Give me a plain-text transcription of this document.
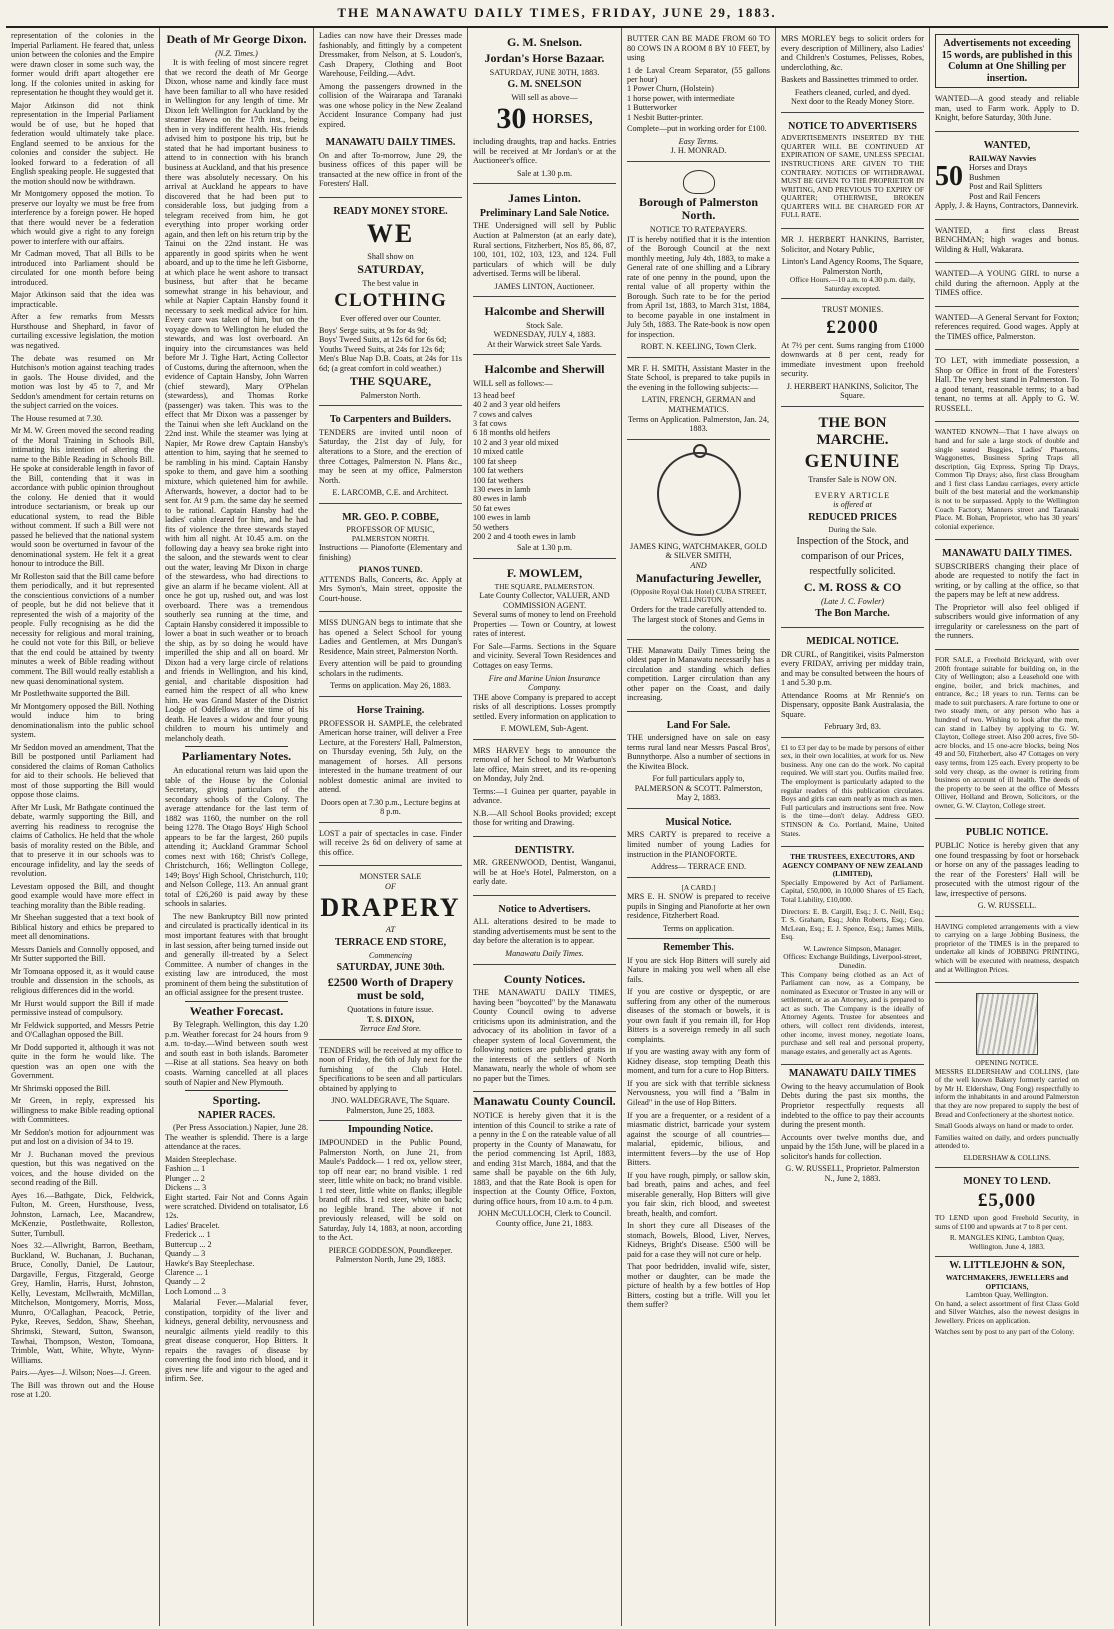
THE MANAWATU DAILY TIMES, FRIDAY, JUNE 29, 1883.

representation of the colonies in the Imperial Parliament. He feared that, unless union between the colonies and the Empire were drawn closer in some such way, the former would drift apart altogether ere long. If the colonies united in asking for representation he thought they would get it.

Major Atkinson did not think representation in the Imperial Parliament would be of use, but he hoped that federation would ultimately take place. England seemed to be anxious for the colonies and consider the subject. He looked forward to a federation of all English speaking people. He suggested that the motion should now be withdrawn.

Mr Montgomery opposed the motion. To preserve our loyalty we must be free from interference by a foreign power. He hoped that there would never be a federation which would give a right to any foreign power to interfere with our affairs.

Mr Cadman moved, That all Bills to be introduced into Parliament should be circulated for one month before being introduced.

Major Atkinson said that the idea was impracticable.

After a few remarks from Messrs Hursthouse and Shephard, in favor of curtailing excessive legislation, the motion was negatived.

The debate was resumed on Mr Hutchison's motion against teaching trades in gaols. The House divided, and the motion was lost by 45 to 7, and Mr Seddon's amendment for certain returns on the subject carried on the voices.

The House resumed at 7.30.

Mr M. W. Green moved the second reading of the Moral Training in Schools Bill, intimating his intention of altering the name to the Bible Reading in Schools Bill. He spoke at considerable length in favor of the Bill, contending that it was in accordance with public opinion throughout the colony. He denied that it would introduce sectarianism, or break up our educational system, to read the Bible without comment. If such a Bill were not passed he believed that the national system would soon be overturned in favour of the denominational system. He felt it a great honour to introduce the Bill.

Mr Rolleston said that the Bill came before them periodically, and it but represented the conscientious convictions of a number of people, but he did not believe that it represented the wish of a majority of the people. Fully recognising as he did the necessity for religious and moral training, he could not vote for this Bill, or believe that the end could be attained by twenty minutes a week of Bible reading without comment. The Bill would really establish a new quasi denominational system.

Mr Postlethwaite supported the Bill.

Mr Montgomery opposed the Bill. Nothing would induce him to bring denominationalism into the public school system.

Mr Seddon moved an amendment, That the Bill be postponed until Parliament had considered the claims of Roman Catholics for aid to their schools. He believed that most of those supporting the Bill would oppose those claims.

After Mr Lusk, Mr Bathgate continued the debate, warmly supporting the Bill, and averring his readiness to recognise the claims of Catholics. He held that the whole basis of morality rested on the Bible, and that to preserve it in our schools was to encourage infidelity, and lay the seeds of revolution.

Levestam opposed the Bill, and thought good example would have more effect in teaching morality than the Bible reading.

Mr Sheehan suggested that a text book of Biblical history and ethics be prepared to meet all denominations.

Messrs Daniels and Connolly opposed, and Mr Sutter supported the Bill.

Mr Tomoana opposed it, as it would cause trouble and dissension in the schools, as religious differences did in the world.

Mr Hurst would support the Bill if made permissive instead of compulsory.

Mr Feldwick supported, and Messrs Petrie and O'Callaghan opposed the Bill.

Mr Dodd supported it, although it was not quite in the form he would like. The question was an open one with the Government.

Mr Shrimski opposed the Bill.

Mr Green, in reply, expressed his willingness to make Bible reading optional with Committees.

Mr Seddon's motion for adjournment was put and lost on a division of 34 to 19.

Mr J. Buchanan moved the previous question, but this was negatived on the voices, and the house divided on the second reading of the Bill.

Ayes 16.—Bathgate, Dick, Feldwick, Fulton, M. Green, Hursthouse, Ivess, Johnston, Larnach, Lee, Macandrew, McKenzie, Postlethwaite, Rolleston, Sutter, Turnbull.

Noes 32.—Allwright, Barron, Beetham, Buckland, W. Buchanan, J. Buchanan, Bruce, Conolly, Daniel, De Lautour, Dargaville, Fergus, Fitzgerald, George Grey, Hamlin, Harris, Hurst, Johnston, Kelly, Levestam, McIlwraith, McMillan, Mitchelson, Montgomery, Morris, Moss, Munro, O'Callaghan, Peacock, Petrie, Pyke, Reeves, Seddon, Shaw, Sheehan, Shrimski, Steward, Sutton, Swanson, Tawhai, Thompson, Weston, Tomoana, Trimble, Watt, White, Whyte, Wynn-Williams.

Pairs.—Ayes—J. Wilson; Noes—J. Green.

The Bill was thrown out and the House rose at 1.20.

Death of Mr George Dixon.
(N.Z. Times.)

It is with feeling of most sincere regret that we record the death of Mr George Dixon, whose name and kindly face must have been familiar to all who have resided in Wellington for any length of time. Mr Dixon left Wellington for Auckland by the steamer Hawea on the 17th inst., being then in very indifferent health. His friends advised him to postpone his trip, but he stated that he had important business to attend to in connection with his branch business at Auckland, and that his presence there was absolutely necessary. On his arrival at Auckland he appears to have discovered that he had been put to considerable loss, but judging from a telegram received from him, he got everything into proper working order again, and then left on his return trip by the Tainui on the 22nd instant. He was apparently in good spirits when he went aboard, and up to the time he left Gisborne, at which place he went ashore to transact business, but after that he became somewhat strange in his behaviour, and while at Napier Captain Hansby found it necessary to seek medical advice for him. Every care was taken of him, but on the voyage down to Wellington he eluded the stewards, and was lost overboard. An inquiry into the circumstances was held before Mr J. Tighe Hart, Acting Collector of Customs, during the afternoon, when the evidence of Captain Hansby, John Warren (chief steward), Mary O'Phelan (stewardess), and Thomas Rorke (passenger) was taken. This was to the effect that Mr Dixon was a passenger by the Tainui when she left Auckland on the 22nd inst. While the steamer was lying at Napier, Mr Rowe drew Captain Hansby's attention to him, saying that he seemed to be rambling in his mind. Captain Hansby spoke to them, and gave him a soothing mixture, which quietened him for awhile. Afterwards, however, a doctor had to be sent for. At 9 p.m. the same day he seemed to be rational. Captain Hansby had the ladies' cabin cleared for him, and he had fits of violence the three stewards stayed with him all night. At 10.45 a.m. on the following day a heavy sea broke right into the saloon, and the stewards went to clear out the water, leaving Mr Dixon in charge of the stewardess, who had directions to give an alarm if he became violent. All at once he got up, rushed out, and was lost overboard. There was a tremendous southerly sea running at the time, and Captain Hansby considered it impossible to lower a boat in such weather or to broach the ship, as by so doing he would have imperilled the ship and all on board. Mr Dixon had a very large circle of relations and friends in Wellington, and his kind, genial, and charitable disposition had earned him the respect of all who knew him. He was Grand Master of the District Lodge of Oddfellows at the time of his death. He leaves a widow and four young children to mourn his untimely and melancholy death.

Parliamentary Notes.

An educational return was laid upon the table of the House by the Colonial Secretary, giving particulars of the secondary schools of the Colony. The average attendance for the last term of 1882 was 1160, the number on the roll being 1278. The Otago Boys' High School appears to be far the largest, 260 pupils attending it; Auckland Grammar School comes next with 168; Christ's College, Christchurch, 166; Wellington College, 149; Boys' High School, Christchurch, 110; and Nelson College, 113. An annual grant total of £26,260 is paid away by these schools in salaries.

The new Bankruptcy Bill now printed and circulated is practically identical in its most important features with that brought in last session, after being turned inside out and generally ill-treated by a Select Committee. A number of changes in the existing law are introduced, the most prominent of them being the substitution of an official assignee for the present trustee.

Weather Forecast.

By Telegraph. Wellington, this day 1.20 p.m. Weather forecast for 24 hours from 9 a.m. to-day.—Wind between south west and south east in both islands. Barometer—Rise at all stations. Sea heavy on both coasts. Warning cancelled at all places south of Napier and New Plymouth.

Sporting.
NAPIER RACES.

(Per Press Association.) Napier, June 28. The weather is splendid. There is a large attendance at the races.

Maiden Steeplechase.
Fashion ... 1
Plunger ... 2
Dickens ... 3
Eight started. Fair Not and Conns Again were scratched. Dividend on totalisator, L6 12s.
Ladies' Bracelet.
Frederick ... 1
Buttercup ... 2
Quandy ... 3
Hawke's Bay Steeplechase.
Clarence ... 1
Quandy ... 2
Loch Lomond ... 3

Malarial Fever.—Malarial fever, constipation, torpidity of the liver and kidneys, general debility, nervousness and neuralgic ailments yield readily to this great disease conqueror, Hop Bitters. It repairs the ravages of disease by converting the food into rich blood, and it gives new life and vigour to the aged and infirm. See.

Ladies can now have their Dresses made fashionably, and fittingly by a competent Dressmaker, from Nelson, at S. Loudon's, Cash Drapery, Clothing and Boot Warehouse, Feilding.—Advt.

Among the passengers drowned in the collision of the Wairarapa and Taranaki was one whose policy in the New Zealand Accident Insurance Company had just expired.

MANAWATU DAILY TIMES.

On and after To-morrow, June 29, the business offices of this paper will be transacted at the new office in front of the Foresters' Hall.

READY MONEY STORE.
WE
Shall show on
SATURDAY,
The best value in
CLOTHING
Ever offered over our Counter.
Boys' Serge suits, at 9s for 4s 9d;
Boys' Tweed Suits, at 12s 6d for 6s 6d;
Youths Tweed Suits, at 24s for 12s 6d;
Men's Blue Nap D.B. Coats, at 24s for 11s 6d; (a great comfort in cold weather.)
THE SQUARE,
Palmerston North.
To Carpenters and Builders.

TENDERS are invited until noon of Saturday, the 21st day of July, for alterations to a Store, and the erection of three Cottages, Palmerston N. Plans &c., may be seen at my office, Palmerston North.

E. LARCOMB, C.E. and Architect.
MR. GEO. P. COBBE,
PROFESSOR OF MUSIC,
PALMERSTON NORTH.

Instructions — Pianoforte (Elementary and finishing)

PIANOS TUNED.

ATTENDS Balls, Concerts, &c. Apply at Mrs Symon's, Main street, opposite the Court-house.

MISS DUNGAN begs to intimate that she has opened a Select School for young Ladies and Gentlemen, at Mrs Dungan's Residence, Main street, Palmerston North.

Every attention will be paid to grounding scholars in the rudiments.

Terms on application. May 26, 1883.
Horse Training.

PROFESSOR H. SAMPLE, the celebrated American horse trainer, will deliver a Free Lecture, at the Foresters' Hall, Palmerston, on Thursday evening, 5th July, on the management of horses. All persons interested in the humane treatment of our noblest domestic animal are invited to attend.

Doors open at 7.30 p.m., Lecture begins at 8 p.m.

LOST a pair of spectacles in case. Finder will receive 2s 6d on delivery of same at this office.

MONSTER SALE
OF
DRAPERY
AT
TERRACE END STORE,
Commencing
SATURDAY, JUNE 30th.
£2500 Worth of Drapery must be sold,
Quotations in future issue.
T. S. DIXON,
Terrace End Store.

TENDERS will be received at my office to noon of Friday, the 6th of July next for the furnishing of the Club Hotel. Specifications to be seen and all particulars obtained by applying to

JNO. WALDEGRAVE, The Square. Palmerston, June 25, 1883.
Impounding Notice.

IMPOUNDED in the Public Pound, Palmerston North, on June 21, from Maule's Paddock— 1 red ox, yellow steer, top off near ear; no brand visible. 1 red steer, little white on back; no brand visible. 1 red steer, little white on flanks; illegible brand off ribs. 1 red steer, white on back; no legible brand. The above if not previously released, will be sold on Saturday, July 14, 1883, at noon, according to the Act.

PIERCE GODDESON, Poundkeeper. Palmerston North, June 29, 1883.
G. M. Snelson.
Jordan's Horse Bazaar.
SATURDAY, JUNE 30TH, 1883.
G. M. SNELSON
Will sell as above—
30 HORSES,

including draughts, trap and hacks. Entries will be received at Mr Jordan's or at the Auctioneer's office.

Sale at 1.30 p.m.
James Linton.
Preliminary Land Sale Notice.

THE Undersigned will sell by Public Auction at Palmerston (at an early date), Rural sections, Fitzherbert, Nos 85, 86, 87, 100, 101, 102, 103, 123, and 124. Full particulars of which will be duly advertised. Terms will be liberal.

JAMES LINTON, Auctioneer.
Halcombe and Sherwill
Stock Sale.
WEDNESDAY, JULY 4, 1883.
At their Warwick street Sale Yards.
Halcombe and Sherwill
WILL sell as follows:—
13 head beef
40 2 and 3 year old heifers
7 cows and calves
3 fat cows
6 18 months old heifers
10 2 and 3 year old mixed
10 mixed cattle
100 fat sheep
100 fat wethers
100 fat wethers
130 ewes in lamb
80 ewes in lamb
50 fat ewes
100 ewes in lamb
50 wethers
200 2 and 4 tooth ewes in lamb
Sale at 1.30 p.m.
F. MOWLEM,
THE SQUARE, PALMERSTON.
Late County Collector, VALUER, AND COMMISSION AGENT.

Several sums of money to lend on Freehold Properties — Town or Country, at lowest rates of interest.

For Sale—Farms. Sections in the Square and vicinity. Several Town Residences and Cottages on easy Terms.

Fire and Marine Union Insurance Company.

THE above Company is prepared to accept risks of all descriptions. Losses promptly settled. Every information on application to

F. MOWLEM, Sub-Agent.

MRS HARVEY begs to announce the removal of her School to Mr Warburton's late office, Main street, and its re-opening on Monday, July 2nd.

Terms:—1 Guinea per quarter, payable in advance.

N.B.—All School Books provided; except those for writing and Drawing.

DENTISTRY.

MR. GREENWOOD, Dentist, Wanganui, will be at Hoe's Hotel, Palmerston, on a early date.

Notice to Advertisers.

ALL alterations desired to be made to standing advertisements must be sent to the day before the alteration is to appear.

Manawatu Daily Times.
County Notices.

THE MANAWATU DAILY TIMES, having been "boycotted" by the Manawatu County Council owing to adverse criticisms upon its administration, and the advocacy of its abolition in favor of a cheaper system of local Government, the following notices are published gratis in the interests of the settlers of North Manawatu, nearly the whole of whom see no paper but the Times.

Manawatu County Council.

NOTICE is hereby given that it is the intention of this Council to strike a rate of a penny in the £ on the rateable value of all property in the County of Manawatu, for the period commencing 1st April, 1883, and ending 31st March, 1884, and that the same shall be payable on the 6th July, 1883, and that the Rate Book is open for inspection at the County Office, Foxton, during office hours, from 10 a.m. to 4 p.m.

JOHN McCULLOCH, Clerk to Council. County office, June 21, 1883.

BUTTER CAN BE MADE FROM 60 TO 80 COWS IN A ROOM 8 BY 10 FEET, by using

1 de Laval Cream Separator, (55 gallons per hour)
1 Power Churn, (Holstein)
1 horse power, with intermediate
1 Butterworker
1 Nesbit Butter-printer.

Complete—put in working order for £100.

Easy Terms.
J. H. MONRAD.
Borough of Palmerston North.
NOTICE TO RATEPAYERS.

IT is hereby notified that it is the intention of the Borough Council at the next monthly meeting, July 4th, 1883, to make a General rate of one shilling and a Library rate of one penny in the pound, upon the rental value of all property within the Borough. Such rate to be for the period from April 1st, 1883, to March 31st, 1884, to become payable in one instalment in July 5th, 1883. The Rate-book is now open for inspection.

ROBT. N. KEELING, Town Clerk.

MR F. H. SMITH, Assistant Master in the State School, is prepared to take pupils in the evening in the following subjects:—

LATIN, FRENCH, GERMAN and MATHEMATICS.
Terms on Application. Palmerston, Jan. 24, 1883.
JAMES KING, WATCHMAKER, GOLD & SILVER SMITH,
AND
Manufacturing Jeweller,
(Opposite Royal Oak Hotel) CUBA STREET, WELLINGTON.
Orders for the trade carefully attended to.
The largest stock of Stones and Gems in the colony.

THE Manawatu Daily Times being the oldest paper in Manawatu necessarily has a circulation and standing which defies competition. Larger circulation than any other paper on the Coast, and daily increasing.

Land For Sale.

THE undersigned have on sale on easy terms rural land near Messrs Pascal Bros', Bunnythorpe. Also a number of sections in the Kiwitea Block.

For full particulars apply to,
PALMERSON & SCOTT. Palmerston, May 2, 1883.
Musical Notice.

MRS CARTY is prepared to receive a limited number of young Ladies for instruction in the PIANOFORTE.

Address— TERRACE END.
[A CARD.]

MRS E. H. SNOW is prepared to receive pupils in Singing and Pianoforte at her own residence, Fitzherbert Road.

Terms on application.
Remember This.

If you are sick Hop Bitters will surely aid Nature in making you well when all else fails.

If you are costive or dyspeptic, or are suffering from any other of the numerous diseases of the stomach or bowels, it is your own fault if you remain ill, for Hop Bitters is a sovereign remedy in all such complaints.

If you are wasting away with any form of Kidney disease, stop tempting Death this moment, and turn for a cure to Hop Bitters.

If you are sick with that terrible sickness Nervousness, you will find a "Balm in Gilead" in the use of Hop Bitters.

If you are a frequenter, or a resident of a miasmatic district, barricade your system against the scourge of all countries—malarial, epidemic, bilious, and intermittent fevers—by the use of Hop Bitters.

If you have rough, pimply, or sallow skin, bad breath, pains and aches, and feel miserable generally, Hop Bitters will give you fair skin, rich blood, and sweetest breath, health, and comfort.

In short they cure all Diseases of the stomach, Bowels, Blood, Liver, Nerves, Kidneys, Bright's Disease. £500 will be paid for a case they will not cure or help.

That poor bedridden, invalid wife, sister, mother or daughter, can be made the picture of health by a few bottles of Hop Bitters, costing but a trifle. Will you let them suffer?

MRS MORLEY begs to solicit orders for every description of Millinery, also Ladies' and Children's Costumes, Pelisses, Robes, underclothing, &c.

Baskets and Bassinettes trimmed to order.

Feathers cleaned, curled, and dyed.
Next door to the Ready Money Store.
NOTICE TO ADVERTISERS

ADVERTISEMENTS INSERTED BY THE QUARTER WILL BE CONTINUED AT EXPIRATION OF SAME, UNLESS SPECIAL INSTRUCTIONS ARE GIVEN TO THE CONTRARY. NOTICES OF WITHDRAWAL MUST BE GIVEN TO THE PROPRIETOR IN WRITING, AND PREVIOUS TO EXPIRY OF QUARTER; OTHERWISE, BROKEN QUARTERS WILL BE CHARGED FOR AT FULL RATE.

MR J. HERBERT HANKINS, Barrister, Solicitor, and Notary Public,

Linton's Land Agency Rooms, The Square, Palmerston North,
Office Hours.—10 a.m. to 4.30 p.m. daily, Saturday excepted.
TRUST MONIES.
£2000

At 7½ per cent. Sums ranging from £1000 downwards at 8 per cent, ready for immediate investment upon freehold security.

J. HERBERT HANKINS, Solicitor, The Square.
THE BON MARCHE.
GENUINE
Transfer Sale is NOW ON.
EVERY ARTICLE
is offered at
REDUCED PRICES
During the Sale.
Inspection of the Stock, and comparison of our Prices, respectfully solicited.
C. M. ROSS & CO
(Late J. C. Fowler)
The Bon Marche.
MEDICAL NOTICE.

DR CURL, of Rangitikei, visits Palmerston every FRIDAY, arriving per midday train, and may be consulted between the hours of 1 and 5.30 p.m.

Attendance Rooms at Mr Rennie's on Dispensary, opposite Bank Australasia, the Square.

February 3rd, 83.

£1 to £3 per day to be made by persons of either sex, in their own localities, at work for us. New business. Any one can do the work. No capital required. We will start you. Outfits mailed free. The employment is particularly adapted to the regular readers of this publication circulates. Boys and girls can earn nearly as much as men. Full particulars and instructions sent free. Now is the time—don't delay. Address GEO. STINSON & Co. Portland, Maine, United States.

THE TRUSTEES, EXECUTORS, AND AGENCY COMPANY OF NEW ZEALAND (LIMITED),

Specially Empowered by Act of Parliament. Capital, £50,000, in 10,000 Shares of £5 Each, Total Liability, £10,000.

Directors: E. B. Cargill, Esq.; J. C. Neill, Esq.; T. S. Graham, Esq.; John Roberts, Esq.; Geo. McLean, Esq.; E. J. Spence, Esq.; James Mills, Esq.

W. Lawrence Simpson, Manager.
Offices: Exchange Buildings, Liverpool-street, Dunedin.

This Company being clothed as an Act of Parliament can now, as a Company, be nominated as Executor or Trustee in any will or settlement, or as an Attorney, and is prepared to act as such. The Company is the ideally of Attorney Agents. Trustee for absentees and others, will collect rent dividends, interest, other income, invest money, negotiate loans, purchase and sell real and personal property, manage estates, and generally act as Agents.

MANAWATU DAILY TIMES

Owing to the heavy accumulation of Book Debts during the past six months, the Proprietor respectfully requests all indebted to the office to pay their accounts during the present month.

Accounts over twelve months due, and unpaid by the 15th June, will be placed in a solicitor's hands for collection.

G. W. RUSSELL, Proprietor. Palmerston N., June 2, 1883.
Advertisements not exceeding 15 words, are published in this Column at One Shilling per insertion.

WANTED—A good steady and reliable man, used to Farm work. Apply to D. Knight, before Saturday, 30th June.

WANTED,
50
RAILWAY Navvies
Horses and Drays
Bushmen
Post and Rail Splitters
Post and Rail Fencers

Apply, J. & Hayns, Contractors, Dannevirk.

WANTED, a first class Breast BENCHMAN; high wages and bonus. Wilding & Hull, Wakarara.

WANTED—A YOUNG GIRL to nurse a child during the afternoon. Apply at the TIMES office.

WANTED—A General Servant for Foxton; references required. Good wages. Apply at the TIMES office, Palmerston.

TO LET, with immediate possession, a Shop or Office in front of the Foresters' Hall. The very best stand in Palmerston. To a good tenant, reasonable terms; to a bad tenant, no terms at all. Apply to G. W. RUSSELL.

WANTED KNOWN—That I have always on hand and for sale a large stock of double and single seated Buggies, Ladies' Phaetons, Waggonettes, Business Spring Traps all description, Gig Express, Spring Tip Drays, Common Tip Drays; also, first class Brougham and 1 first class Landau carriages, every article built of the best material and the workmanship is not to be surpassed. Apply to the Wellington Coach Factory, Manners street and Taranaki Place. M. Bohan, Proprietor, who has 30 years' colonial experience.

MANAWATU DAILY TIMES.

SUBSCRIBERS changing their place of abode are requested to notify the fact in writing, or by calling at the office, so that the papers may be left at new address.

The Proprietor will also feel obliged if subscribers would give information of any irregularity or carelessness on the part of the runners.

FOR SALE, a Freehold Brickyard, with over 200ft frontage suitable for building on, in the City of Wellington; also a Leasehold one with engine, boiler, and brick machines, and entrance, &c.; 18 years to run. Terms can be made to suit purchasers. A rare fortune to one or two steady men, or any person who has a hundred of two. Wishing to look after the men, can stand in Lalbey by applying to G. W. Clayton, College street. Also 200 acres, five 50-acre blocks, and 15 one-acre blocks, being Nos 49 and 50, Fitzherbert, also 47 Cottages on very easy terms, from 125 each. Every property to be sold very cheap, as the owner is retiring from business on account of ill health. The deeds of the property to be seen at the office of Messrs Olliver, Holland and Brown, Solicitors, or the owner, G. W. Clayton, College street.

PUBLIC NOTICE.

PUBLIC Notice is hereby given that any one found trespassing by foot or horseback or horse on any of the passages leading to the rear of the Foresters' Hall will be prosecuted with the utmost rigour of the law, irrespective of persons.

G. W. RUSSELL.

HAVING completed arrangements with a view to carrying on a large Jobbing Business, the proprietor of the TIMES is in the prepared to undertake all kinds of JOBBING PRINTING, which will be executed with neatness, despatch and at Wellington Prices.

OPENING NOTICE.

MESSRS ELDERSHAW and COLLINS, (late of the well known Bakery formerly carried on by Mr H. Eldershaw, Ong Fong) respectfully to inform the inhabitants in and around Palmerston that they are now prepared to supply the best of Bread and Confectionery at the shortest notice.

Small Goods always on hand or made to order.

Families waited on daily, and orders punctually attended to.

ELDERSHAW & COLLINS.
MONEY TO LEND.
£5,000

TO LEND upon good Freehold Security, in sums of £100 and upwards at 7 to 8 per cent.

R. MANGLES KING, Lambton Quay, Wellington. June 4, 1883.
W. LITTLEJOHN & SON,
WATCHMAKERS, JEWELLERS and OPTICIANS,
Lambton Quay, Wellington.

On hand, a select assortment of first Class Gold and Silver Watches, also the newest designs in Jewellery. Prices on application.

Watches sent by post to any part of the Colony.
